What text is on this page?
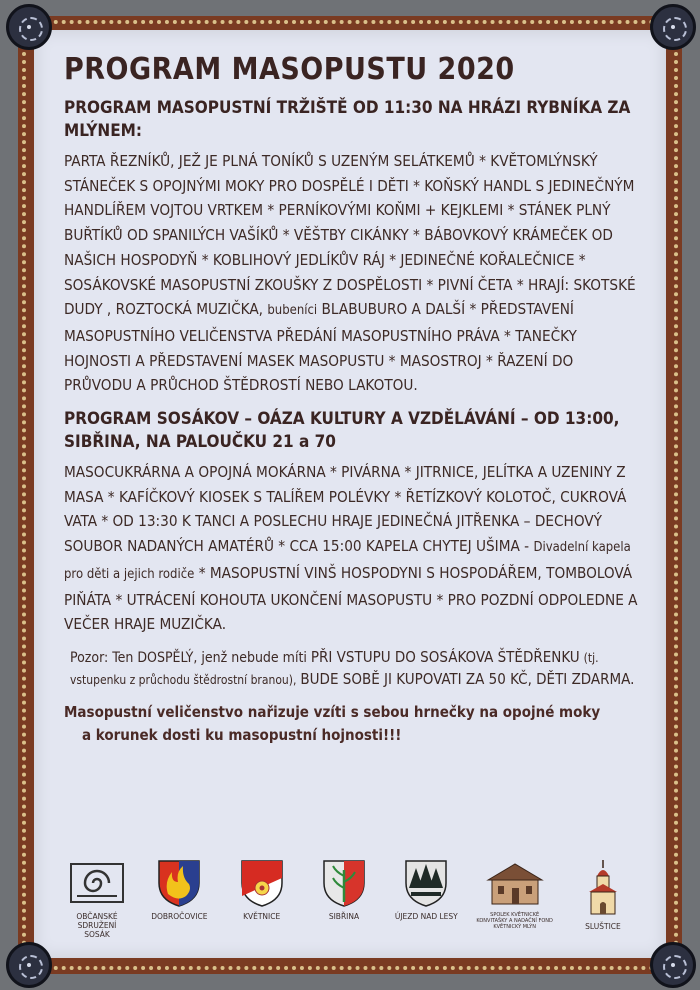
PROGRAM MASOPUSTU 2020
PROGRAM MASOPUSTNÍ TRŽIŠTĚ OD 11:30 NA HRÁZI RYBNÍKA ZA MLÝNEM:
PARTA ŘEZNÍKŮ, JEŽ JE PLNÁ TONÍKŮ S UZENÝM SELÁTKEMŮ * KVĚTOMLÝNSKÝ STÁNEČEK S OPOJNÝMI MOKY PRO DOSPĚLÉ I DĚTI * KOŇSKÝ HANDL S JEDINEČNÝM HANDLÍŘEM VOJTOU VRTKEM * PERNÍKOVÝMI KOŇMI + KEJKLEMI * STÁNEK PLNÝ BUŘTÍKŮ OD SPANILÝCH VAŠÍKŮ * VĚŠTBY CIKÁNKY * BÁBOVKOVÝ KRÁMEČEK OD NAŠICH HOSPODYŇ * KOBLIHOVÝ JEDLÍKŮV RÁJ * JEDINEČNÉ KOŘALEČNICE * SOSÁKOVSKÉ MASOPUSTNÍ ZKOUŠKY Z DOSPĚLOSTI * PIVNÍ ČETA * HRAJÍ: SKOTSKÉ DUDY , ROZTOCKÁ MUZIČKA, bubeníci BLABUBURO A DALŠÍ * PŘEDSTAVENÍ MASOPUSTNÍHO VELIČENSTVA PŘEDÁNÍ MASOPUSTNÍHO PRÁVA * TANEČKY HOJNOSTI A PŘEDSTAVENÍ MASEK MASOPUSTU * MASOSTROJ * ŘAZENÍ DO PRŮVODU A PRŮCHOD ŠTĚDROSTÍ NEBO LAKOTOU.
PROGRAM SOSÁKOV – OÁZA KULTURY A VZDĚLÁVÁNÍ – OD 13:00, SIBŘINA, NA PALOUČKU 21 a 70
MASOCUKRÁRNA A OPOJNÁ MOKÁRNA * PIVÁRNA * JITRNICE, JELÍTKA A UZENINY Z MASA * KAFÍČKOVÝ KIOSEK S TALÍŘEM POLÉVKY * ŘETÍZKOVÝ KOLOTOČ, CUKROVÁ VATA * OD 13:30 K TANCI A POSLECHU HRAJE JEDINEČNÁ JITŘENKA – DECHOVÝ SOUBOR NADANÝCH AMATÉRŮ * CCA 15:00 KAPELA CHYTEJ UŠIMA - Divadelní kapela pro děti a jejich rodiče * MASOPUSTNÍ VINŠ HOSPODYNI S HOSPODÁŘEM, TOMBOLOVÁ PIŇÁTA * UTRÁCENÍ KOHOUTA UKONČENÍ MASOPUSTU * PRO POZDNÍ ODPOLEDNE A VEČER HRAJE MUZIČKA.
Pozor: Ten DOSPĚLÝ, jenž nebude míti PŘI VSTUPU DO SOSÁKOVA ŠTĚDŘENKU (tj. vstupenku z průchodu štědrostní branou), BUDE SOBĚ JI KUPOVATI ZA 50 KČ, DĚTI ZDARMA.
Masopustní veličenstvo nařizuje vzíti s sebou hrnečky na opojné moky
a korunek dosti ku masopustní hojnosti!!!
OBČANSKÉ SDRUŽENÍ SOSÁK
DOBROČOVICE	KVĚTNICE	SIBŘINA	ÚJEZD NAD LESY	SPOLEK KVĚTNICKÉ KONVITAŠKY A NADAČNÍ FOND KVĚTNICKÝ MLÝN	SLUŠTICE
